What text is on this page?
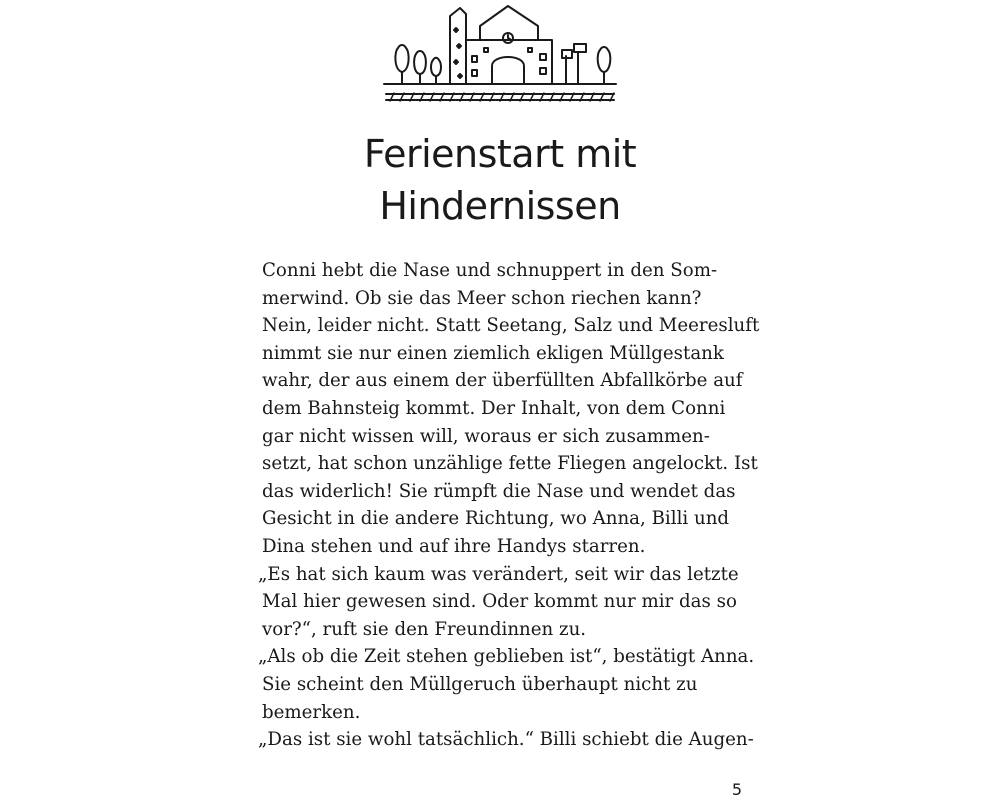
Ferienstart mit
Hindernissen
Conni hebt die Nase und schnuppert in den Som-
merwind. Ob sie das Meer schon riechen kann?
Nein, leider nicht. Statt Seetang, Salz und Meeresluft
nimmt sie nur einen ziemlich ekligen Müllgestank
wahr, der aus einem der überfüllten Abfallkörbe auf
dem Bahnsteig kommt. Der Inhalt, von dem Conni
gar nicht wissen will, woraus er sich zusammen-
setzt, hat schon unzählige fette Fliegen angelockt. Ist
das widerlich! Sie rümpft die Nase und wendet das
Gesicht in die andere Richtung, wo Anna, Billi und
Dina stehen und auf ihre Handys starren.
„Es hat sich kaum was verändert, seit wir das letzte
Mal hier gewesen sind. Oder kommt nur mir das so
vor?“, ruft sie den Freundinnen zu.
„Als ob die Zeit stehen geblieben ist“, bestätigt Anna.
Sie scheint den Müllgeruch überhaupt nicht zu
bemerken.
„Das ist sie wohl tatsächlich.“ Billi schiebt die Augen-
5
